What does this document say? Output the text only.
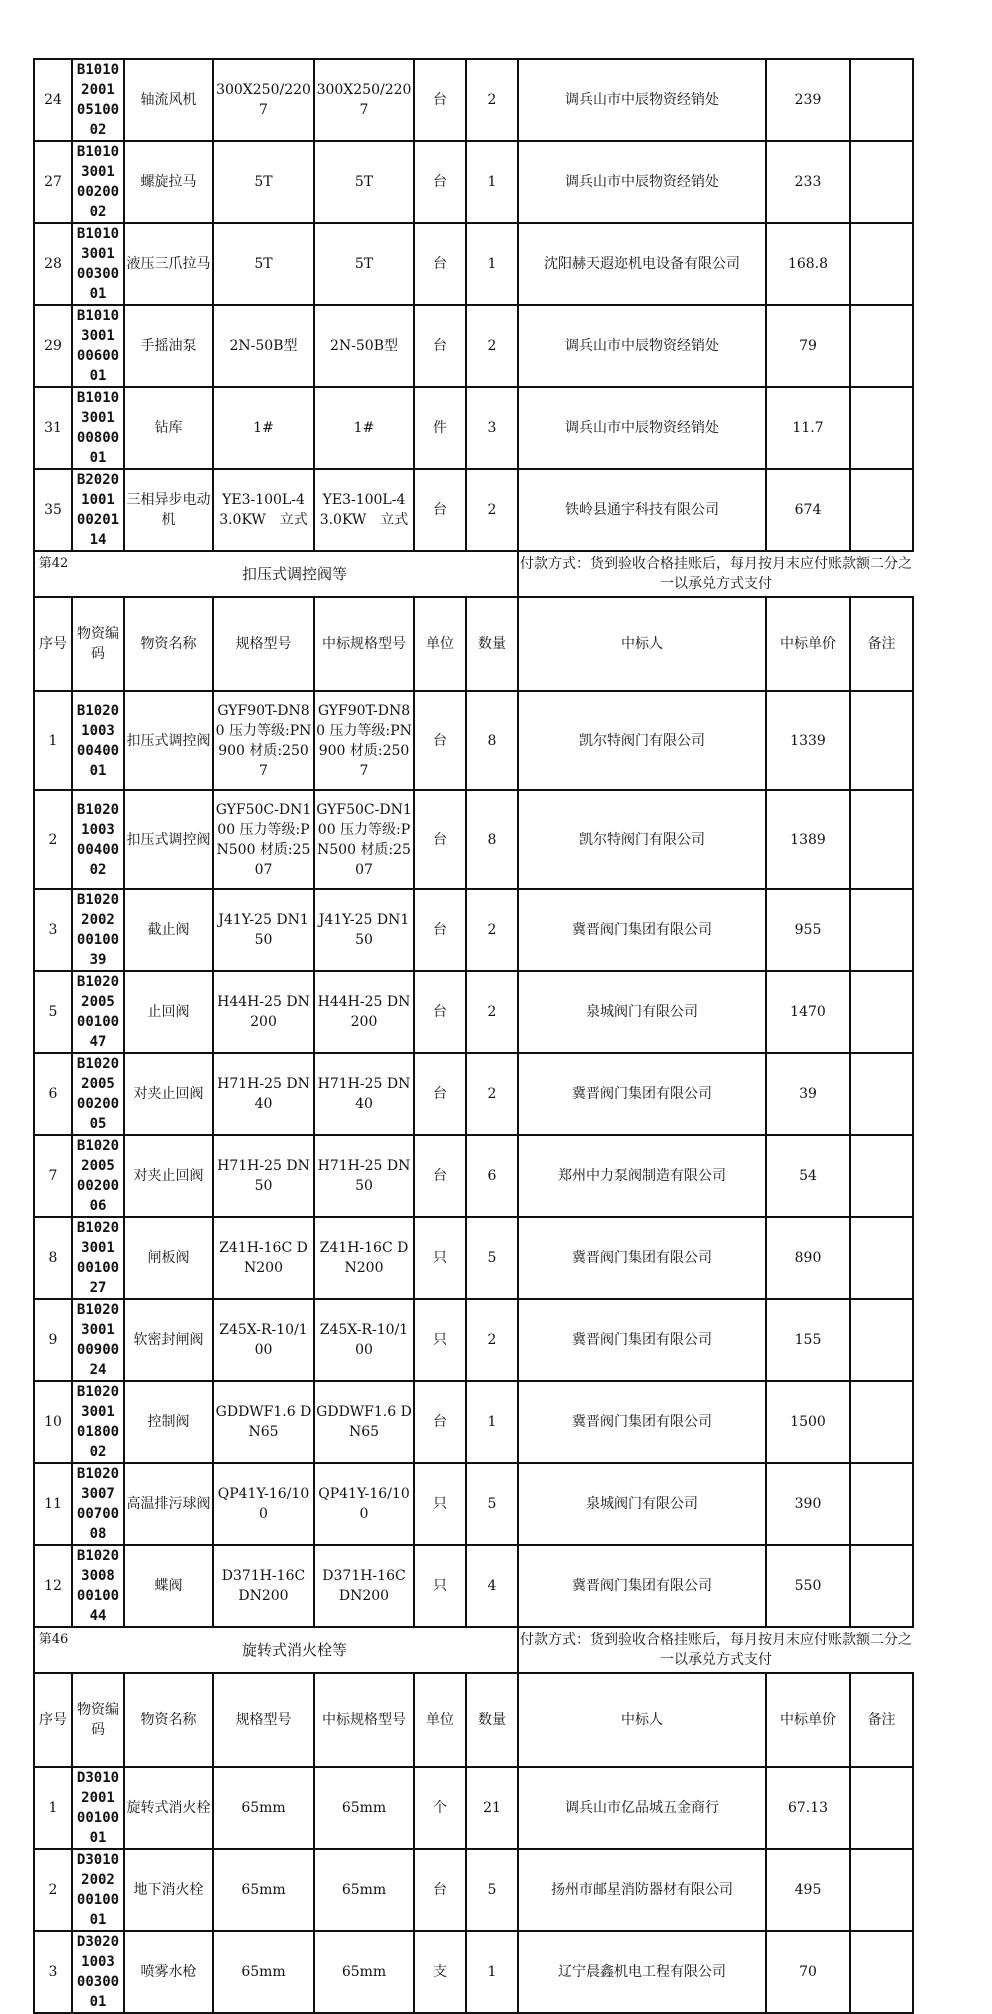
24	B10102001 0510002	轴流风机	300X250/2207	300X250/2207	台	2	调兵山市中辰物资经销处	239	
27	B10103001 0020002	螺旋拉马	5T	5T	台	1	调兵山市中辰物资经销处	233	
28	B10103001 0030001	液压三爪拉马	5T	5T	台	1	沈阳赫天遐迩机电设备有限公司	168.8	
29	B10103001 0060001	手摇油泵	2N-50B型	2N-50B型	台	2	调兵山市中辰物资经销处	79	
31	B10103001 0080001	钻库	1#	1#	件	3	调兵山市中辰物资经销处	11.7	
35	B20201001 0020114	三相异步电动机	YE3-100L-4 3.0KW　立式	YE3-100L-4 3.0KW　立式	台	2	铁岭县通宇科技有限公司	674	
第42	扣压式调控阀等						付款方式：货到验收合格挂账后，每月按月末应付账款额二分之一以承兑方式支付		
序号	物资编码	物资名称	规格型号	中标规格型号	单位	数量	中标人	中标单价	备注
1	B10201003 0040001	扣压式调控阀	GYF90T-DN80 压力等级:PN900 材质:2507	GYF90T-DN80 压力等级:PN900 材质:2507	台	8	凯尔特阀门有限公司	1339	
2	B10201003 0040002	扣压式调控阀	GYF50C-DN100 压力等级:PN500 材质:2507	GYF50C-DN100 压力等级:PN500 材质:2507	台	8	凯尔特阀门有限公司	1389	
3	B10202002 0010039	截止阀	J41Y-25 DN150	J41Y-25 DN150	台	2	冀晋阀门集团有限公司	955	
5	B10202005 0010047	止回阀	H44H-25 DN200	H44H-25 DN200	台	2	泉城阀门有限公司	1470	
6	B10202005 0020005	对夹止回阀	H71H-25 DN40	H71H-25 DN40	台	2	冀晋阀门集团有限公司	39	
7	B10202005 0020006	对夹止回阀	H71H-25 DN50	H71H-25 DN50	台	6	郑州中力泵阀制造有限公司	54	
8	B10203001 0010027	闸板阀	Z41H-16C DN200	Z41H-16C DN200	只	5	冀晋阀门集团有限公司	890	
9	B10203001 0090024	软密封闸阀	Z45X-R-10/100	Z45X-R-10/100	只	2	冀晋阀门集团有限公司	155	
10	B10203001 0180002	控制阀	GDDWF1.6 DN65	GDDWF1.6 DN65	台	1	冀晋阀门集团有限公司	1500	
11	B10203007 0070008	高温排污球阀	QP41Y-16/100	QP41Y-16/100	只	5	泉城阀门有限公司	390	
12	B10203008 0010044	蝶阀	D371H-16C DN200	D371H-16C DN200	只	4	冀晋阀门集团有限公司	550	
第46	旋转式消火栓等						付款方式：货到验收合格挂账后，每月按月末应付账款额二分之一以承兑方式支付		
序号	物资编码	物资名称	规格型号	中标规格型号	单位	数量	中标人	中标单价	备注
1	D30102001 0010001	旋转式消火栓	65mm	65mm	个	21	调兵山市亿品城五金商行	67.13	
2	D30102002 0010001	地下消火栓	65mm	65mm	台	5	扬州市邮星消防器材有限公司	495	
3	D30201003 0030001	喷雾水枪	65mm	65mm	支	1	辽宁晨鑫机电工程有限公司	70	
